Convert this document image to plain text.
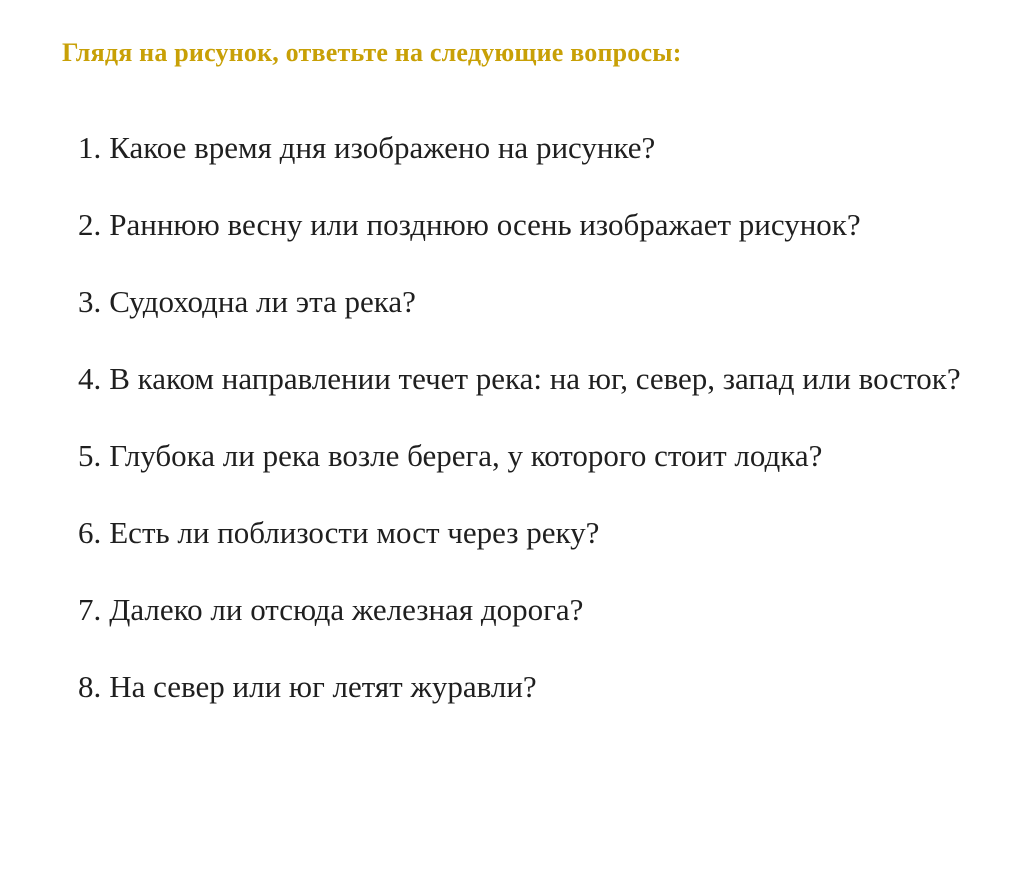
Глядя на рисунок, ответьте на следующие вопросы:
1. Какое время дня изображено на рисунке?
2. Раннюю весну или позднюю осень изображает рисунок?
3. Судоходна ли эта река?
4. В каком направлении течет река: на юг, север, запад или восток?
5. Глубока ли река возле берега, у которого стоит лодка?
6. Есть ли поблизости мост через реку?
7. Далеко ли отсюда железная дорога?
8. На север или юг летят журавли?
